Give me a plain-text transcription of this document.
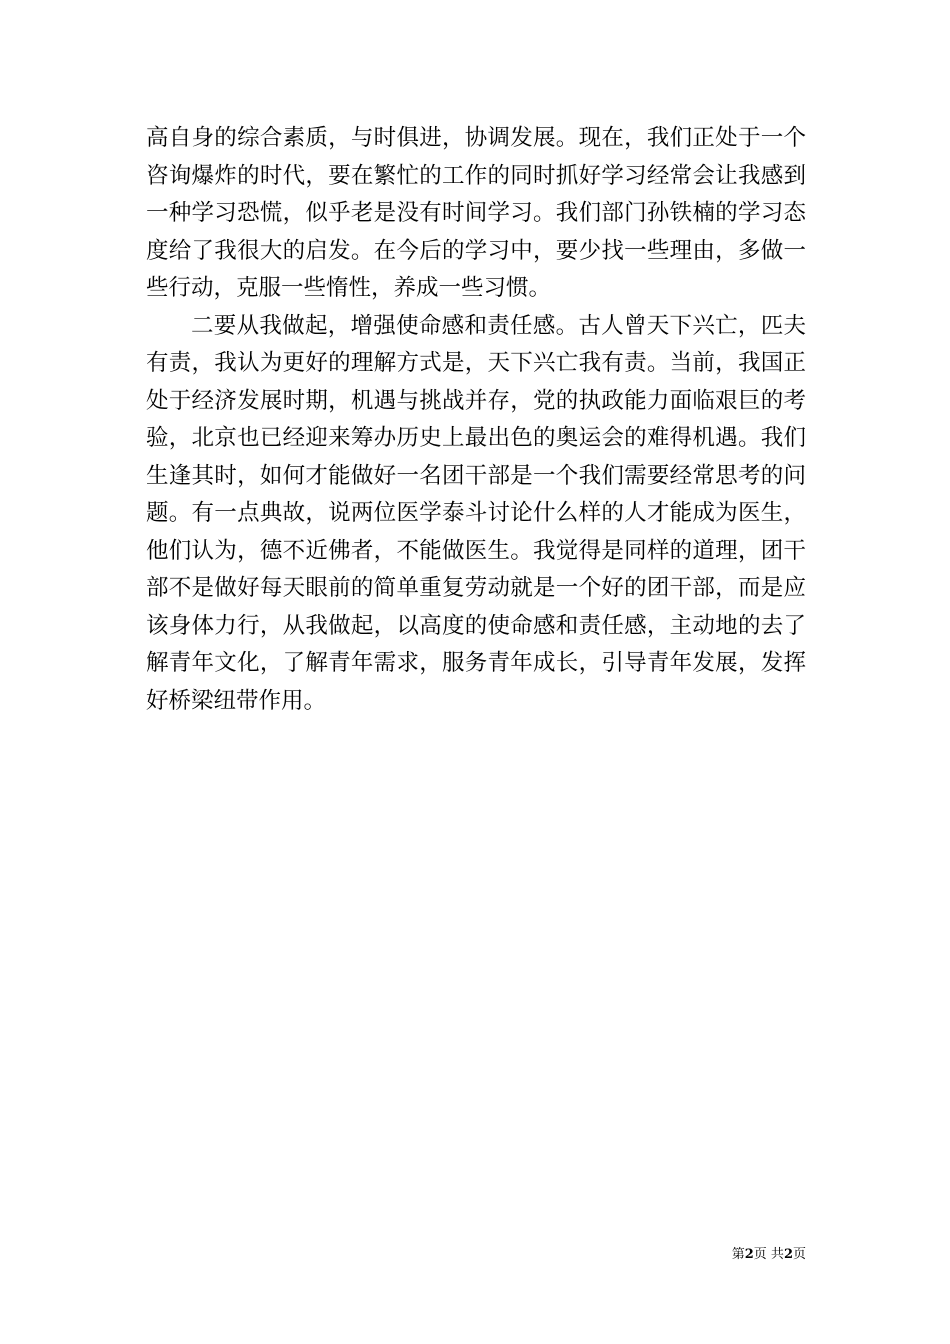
高自身的综合素质，与时俱进，协调发展。现在，我们正处于一个咨询爆炸的时代，要在繁忙的工作的同时抓好学习经常会让我感到一种学习恐慌，似乎老是没有时间学习。我们部门孙铁楠的学习态度给了我很大的启发。在今后的学习中，要少找一些理由，多做一些行动，克服一些惰性，养成一些习惯。

二要从我做起，增强使命感和责任感。古人曾天下兴亡，匹夫有责，我认为更好的理解方式是，天下兴亡我有责。当前，我国正处于经济发展时期，机遇与挑战并存，党的执政能力面临艰巨的考验，北京也已经迎来筹办历史上最出色的奥运会的难得机遇。我们生逢其时，如何才能做好一名团干部是一个我们需要经常思考的问题。有一点典故，说两位医学泰斗讨论什么样的人才能成为医生，他们认为，德不近佛者，不能做医生。我觉得是同样的道理，团干部不是做好每天眼前的简单重复劳动就是一个好的团干部，而是应该身体力行，从我做起，以高度的使命感和责任感，主动地的去了解青年文化，了解青年需求，服务青年成长，引导青年发展，发挥好桥梁纽带作用。

第2页 共2页
